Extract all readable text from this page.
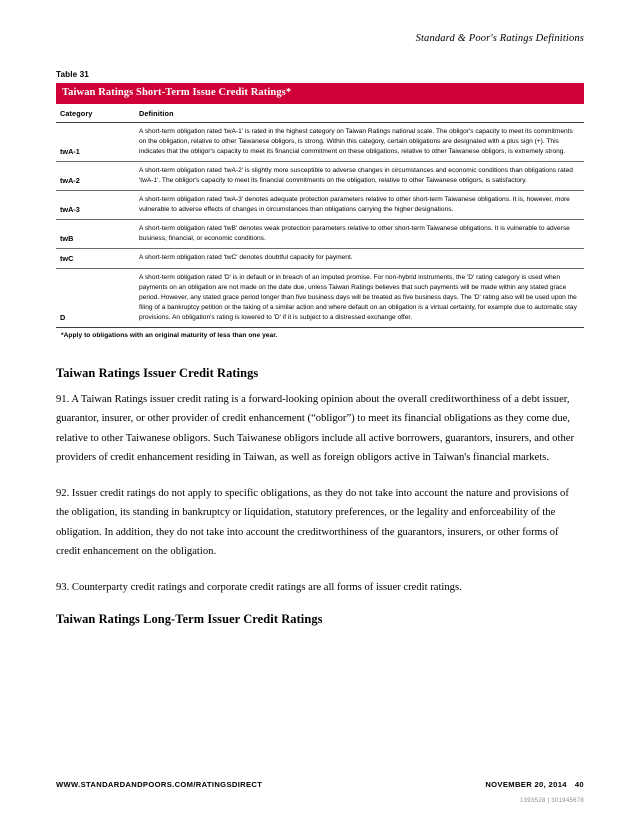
Standard & Poor's Ratings Definitions
Table 31
Taiwan Ratings Short-Term Issue Credit Ratings*
Category	Definition
twA-1	A short-term obligation rated 'twA-1' is rated in the highest category on Taiwan Ratings national scale. The obligor's capacity to meet its commitments on the obligation, relative to other Taiwanese obligors, is strong. Within this category, certain obligations are designated with a plus sign (+). This indicates that the obligor's capacity to meet its financial commitment on these obligations, relative to other Taiwanese obligors, is extremely strong.
twA-2	A short-term obligation rated 'twA-2' is slightly more susceptible to adverse changes in circumstances and economic conditions than obligations rated 'twA-1'. The obligor's capacity to meet its financial commitments on the obligation, relative to other Taiwanese obligors, is satisfactory.
twA-3	A short-term obligation rated 'twA-3' denotes adequate protection parameters relative to other short-term Taiwanese obligations. It is, however, more vulnerable to adverse effects of changes in circumstances than obligations carrying the higher designations.
twB	A short-term obligation rated 'twB' denotes weak protection parameters relative to other short-term Taiwanese obligations. It is vulnerable to adverse business, financial, or economic conditions.
twC	A short-term obligation rated 'twC' denotes doubtful capacity for payment.
D	A short-term obligation rated 'D' is in default or in breach of an imputed promise. For non-hybrid instruments, the 'D' rating category is used when payments on an obligation are not made on the date due, unless Taiwan Ratings believes that such payments will be made within any stated grace period. However, any stated grace period longer than five business days will be treated as five business days. The 'D' rating also will be used upon the filing of a bankruptcy petition or the taking of a similar action and where default on an obligation is a virtual certainty, for example due to automatic stay provisions. An obligation's rating is lowered to 'D' if it is subject to a distressed exchange offer.
*Apply to obligations with an original maturity of less than one year.
Taiwan Ratings Issuer Credit Ratings

91. A Taiwan Ratings issuer credit rating is a forward-looking opinion about the overall creditworthiness of a debt issuer, guarantor, insurer, or other provider of credit enhancement (“obligor”) to meet its financial obligations as they come due, relative to other Taiwanese obligors. Such Taiwanese obligors include all active borrowers, guarantors, insurers, and other providers of credit enhancement residing in Taiwan, as well as foreign obligors active in Taiwan's financial markets.

92. Issuer credit ratings do not apply to specific obligations, as they do not take into account the nature and provisions of the obligation, its standing in bankruptcy or liquidation, statutory preferences, or the legality and enforceability of the obligation. In addition, they do not take into account the creditworthiness of the guarantors, insurers, or other forms of credit enhancement on the obligation.

93. Counterparty credit ratings and corporate credit ratings are all forms of issuer credit ratings.

Taiwan Ratings Long-Term Issuer Credit Ratings
WWW.STANDARDANDPOORS.COM/RATINGSDIRECT	NOVEMBER 20, 2014 40
1393528 | 301945678
